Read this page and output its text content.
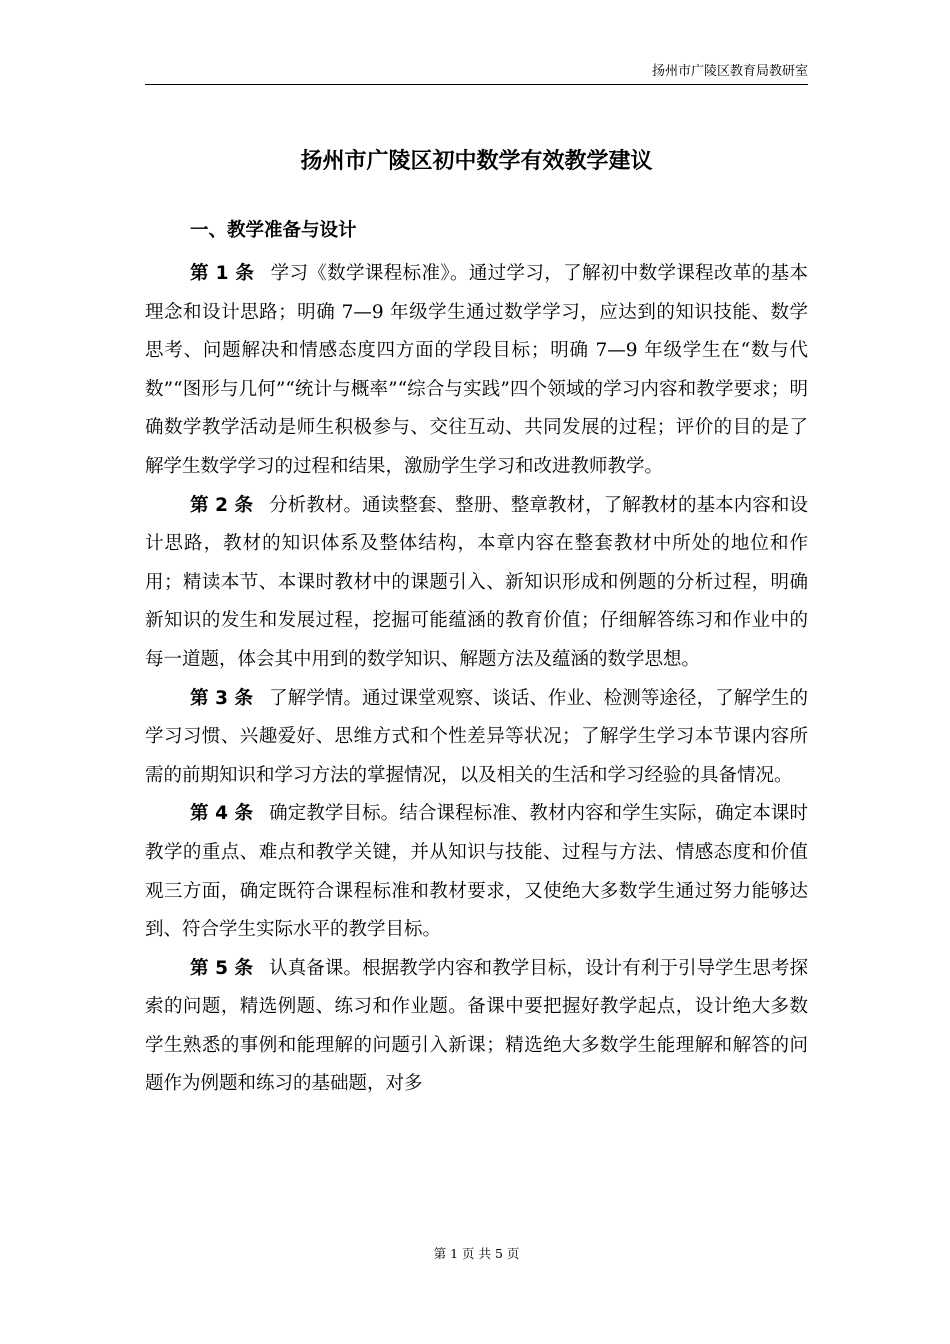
扬州市广陵区教育局教研室
扬州市广陵区初中数学有效教学建议
一、教学准备与设计

第 1 条 学习《数学课程标准》。通过学习，了解初中数学课程改革的基本理念和设计思路；明确 7—9 年级学生通过数学学习，应达到的知识技能、数学思考、问题解决和情感态度四方面的学段目标；明确 7—9 年级学生在“数与代数”“图形与几何”“统计与概率”“综合与实践”四个领域的学习内容和教学要求；明确数学教学活动是师生积极参与、交往互动、共同发展的过程；评价的目的是了解学生数学学习的过程和结果，激励学生学习和改进教师教学。

第 2 条 分析教材。通读整套、整册、整章教材，了解教材的基本内容和设计思路，教材的知识体系及整体结构，本章内容在整套教材中所处的地位和作用；精读本节、本课时教材中的课题引入、新知识形成和例题的分析过程，明确新知识的发生和发展过程，挖掘可能蕴涵的教育价值；仔细解答练习和作业中的每一道题，体会其中用到的数学知识、解题方法及蕴涵的数学思想。

第 3 条 了解学情。通过课堂观察、谈话、作业、检测等途径，了解学生的学习习惯、兴趣爱好、思维方式和个性差异等状况；了解学生学习本节课内容所需的前期知识和学习方法的掌握情况，以及相关的生活和学习经验的具备情况。

第 4 条 确定教学目标。结合课程标准、教材内容和学生实际，确定本课时教学的重点、难点和教学关键，并从知识与技能、过程与方法、情感态度和价值观三方面，确定既符合课程标准和教材要求，又使绝大多数学生通过努力能够达到、符合学生实际水平的教学目标。

第 5 条 认真备课。根据教学内容和教学目标，设计有利于引导学生思考探索的问题，精选例题、练习和作业题。备课中要把握好教学起点，设计绝大多数学生熟悉的事例和能理解的问题引入新课；精选绝大多数学生能理解和解答的问题作为例题和练习的基础题，对多

第 1 页 共 5 页
